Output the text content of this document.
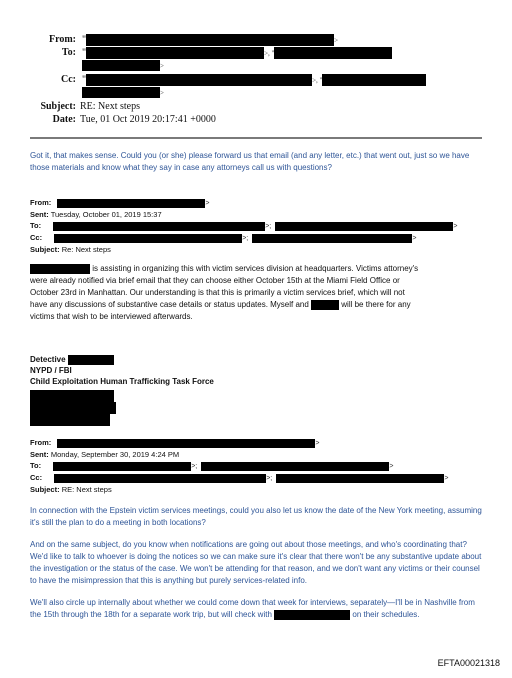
From: "	>
To: "	>, "
>
Cc: "	>, "
>
Subject: RE: Next steps
Date: Tue, 01 Oct 2019 20:17:41 +0000
Got it, that makes sense. Could you (or she) please forward us that email (and any letter, etc.) that went out, just so we have those materials and know what they say in case any attorneys call us with questions?
From:	>
Sent: Tuesday, October 01, 2019 15:37
To:	>;	>
Cc:	>;	>
Subject: Re: Next steps
is assisting in organizing this with victim services division at headquarters. Victims attorney's
were already notified via brief email that they can choose either October 15th at the Miami Field Office or
October 23rd in Manhattan. Our understanding is that this is primarily a victim services brief, which will not
have any discussions of substantive case details or status updates. Myself and	will be there for any
victims that wish to be interviewed afterwards.
Detective
NYPD / FBI
Child Exploitation Human Trafficking Task Force
From:	>
Sent: Monday, September 30, 2019 4:24 PM
To:	>;	>
Cc:	>;	>
Subject: RE: Next steps
In connection with the Epstein victim services meetings, could you also let us know the date of the New York meeting, assuming it's still the plan to do a meeting in both locations?
And on the same subject, do you know when notifications are going out about those meetings, and who's coordinating that? We'd like to talk to whoever is doing the notices so we can make sure it's clear that there won't be any substantive update about the investigation or the status of the case. We won't be attending for that reason, and we don't want any victims or their counsel to have the misimpression that this is anything but purely services-related info.
We'll also circle up internally about whether we could come down that week for interviews, separately—I'll be in Nashville from the 15th through the 18th for a separate work trip, but will check with	on their schedules.
EFTA00021318
